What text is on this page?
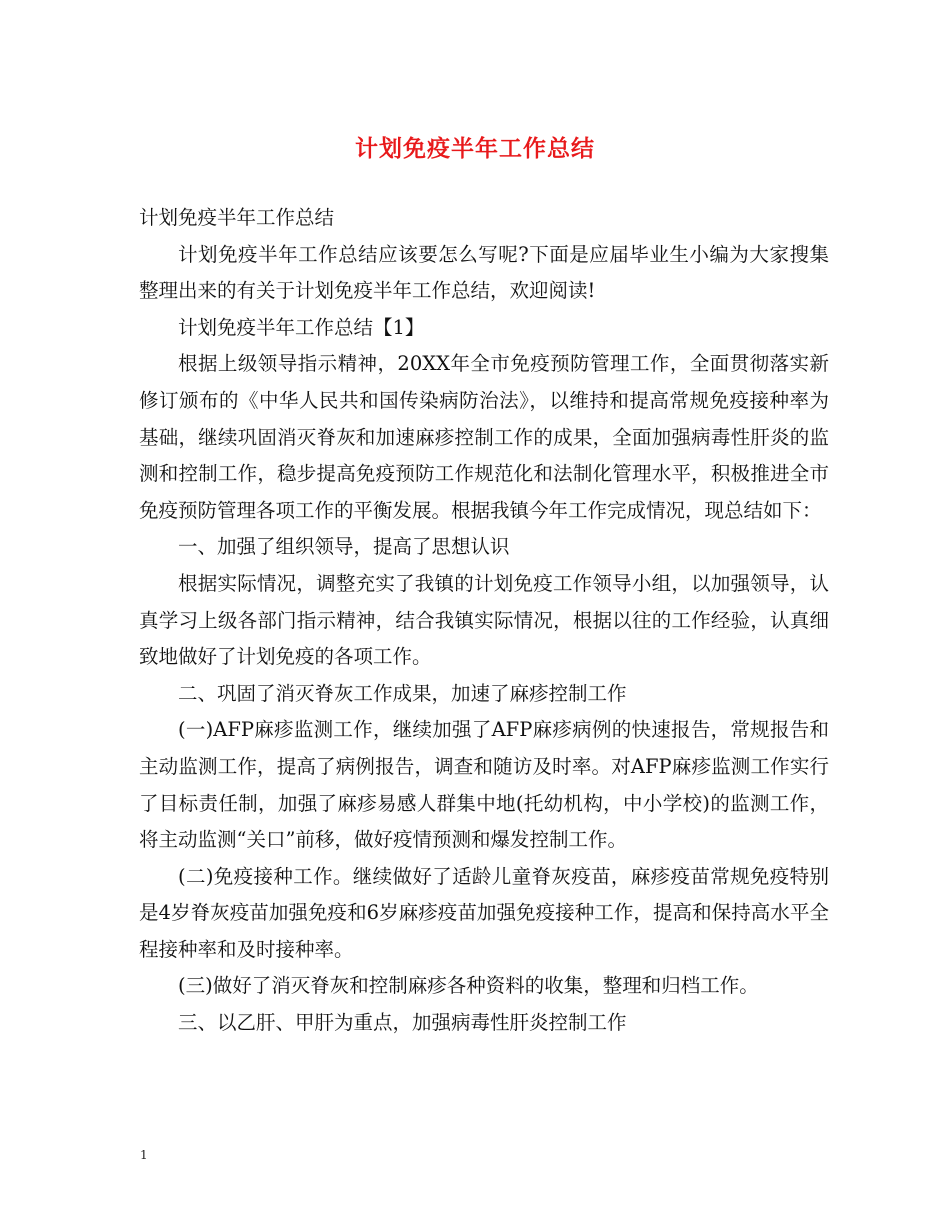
计划免疫半年工作总结

计划免疫半年工作总结

计划免疫半年工作总结应该要怎么写呢?下面是应届毕业生小编为大家搜集整理出来的有关于计划免疫半年工作总结，欢迎阅读!

计划免疫半年工作总结【1】

根据上级领导指示精神，20XX年全市免疫预防管理工作，全面贯彻落实新修订颁布的《中华人民共和国传染病防治法》，以维持和提高常规免疫接种率为基础，继续巩固消灭脊灰和加速麻疹控制工作的成果，全面加强病毒性肝炎的监测和控制工作，稳步提高免疫预防工作规范化和法制化管理水平，积极推进全市免疫预防管理各项工作的平衡发展。根据我镇今年工作完成情况，现总结如下：

一、加强了组织领导，提高了思想认识

根据实际情况，调整充实了我镇的计划免疫工作领导小组，以加强领导，认真学习上级各部门指示精神，结合我镇实际情况，根据以往的工作经验，认真细致地做好了计划免疫的各项工作。

二、巩固了消灭脊灰工作成果，加速了麻疹控制工作

(一)AFP麻疹监测工作，继续加强了AFP麻疹病例的快速报告，常规报告和主动监测工作，提高了病例报告，调查和随访及时率。对AFP麻疹监测工作实行了目标责任制，加强了麻疹易感人群集中地(托幼机构，中小学校)的监测工作，将主动监测“关口”前移，做好疫情预测和爆发控制工作。

(二)免疫接种工作。继续做好了适龄儿童脊灰疫苗，麻疹疫苗常规免疫特别是4岁脊灰疫苗加强免疫和6岁麻疹疫苗加强免疫接种工作，提高和保持高水平全程接种率和及时接种率。

(三)做好了消灭脊灰和控制麻疹各种资料的收集，整理和归档工作。

三、以乙肝、甲肝为重点，加强病毒性肝炎控制工作

1
